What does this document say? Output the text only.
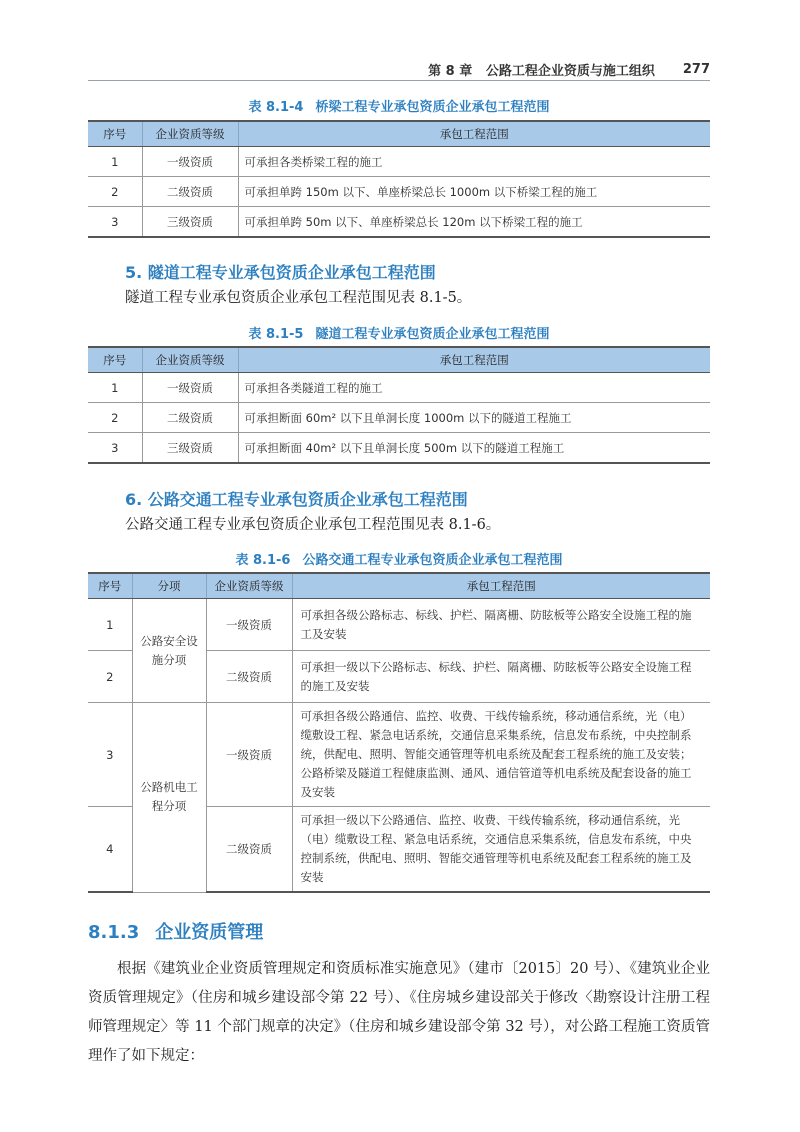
第 8 章 公路工程企业资质与施工组织 277
表 8.1-4 桥梁工程专业承包资质企业承包工程范围
序号	企业资质等级	承包工程范围
1	一级资质	可承担各类桥梁工程的施工
2	二级资质	可承担单跨 150m 以下、单座桥梁总长 1000m 以下桥梁工程的施工
3	三级资质	可承担单跨 50m 以下、单座桥梁总长 120m 以下桥梁工程的施工
5. 隧道工程专业承包资质企业承包工程范围
隧道工程专业承包资质企业承包工程范围见表 8.1-5。
表 8.1-5 隧道工程专业承包资质企业承包工程范围
序号	企业资质等级	承包工程范围
1	一级资质	可承担各类隧道工程的施工
2	二级资质	可承担断面 60m² 以下且单洞长度 1000m 以下的隧道工程施工
3	三级资质	可承担断面 40m² 以下且单洞长度 500m 以下的隧道工程施工
6. 公路交通工程专业承包资质企业承包工程范围
公路交通工程专业承包资质企业承包工程范围见表 8.1-6。
表 8.1-6 公路交通工程专业承包资质企业承包工程范围
序号	分项	企业资质等级	承包工程范围
1	公路安全设施分项	一级资质	可承担各级公路标志、标线、护栏、隔离栅、防眩板等公路安全设施工程的施工及安装
2		二级资质	可承担一级以下公路标志、标线、护栏、隔离栅、防眩板等公路安全设施工程的施工及安装
3	公路机电工程分项	一级资质	可承担各级公路通信、监控、收费、干线传输系统，移动通信系统，光（电）缆敷设工程、紧急电话系统，交通信息采集系统，信息发布系统，中央控制系统，供配电、照明、智能交通管理等机电系统及配套工程系统的施工及安装；公路桥梁及隧道工程健康监测、通风、通信管道等机电系统及配套设备的施工及安装
4		二级资质	可承担一级以下公路通信、监控、收费、干线传输系统，移动通信系统，光（电）缆敷设工程、紧急电话系统，交通信息采集系统，信息发布系统，中央控制系统，供配电、照明、智能交通管理等机电系统及配套工程系统的施工及安装
8.1.3 企业资质管理
根据《建筑业企业资质管理规定和资质标准实施意见》（建市〔2015〕20 号）、《建筑业企业资质管理规定》（住房和城乡建设部令第 22 号）、《住房城乡建设部关于修改〈勘察设计注册工程师管理规定〉等 11 个部门规章的决定》（住房和城乡建设部令第 32 号），对公路工程施工资质管理作了如下规定：
